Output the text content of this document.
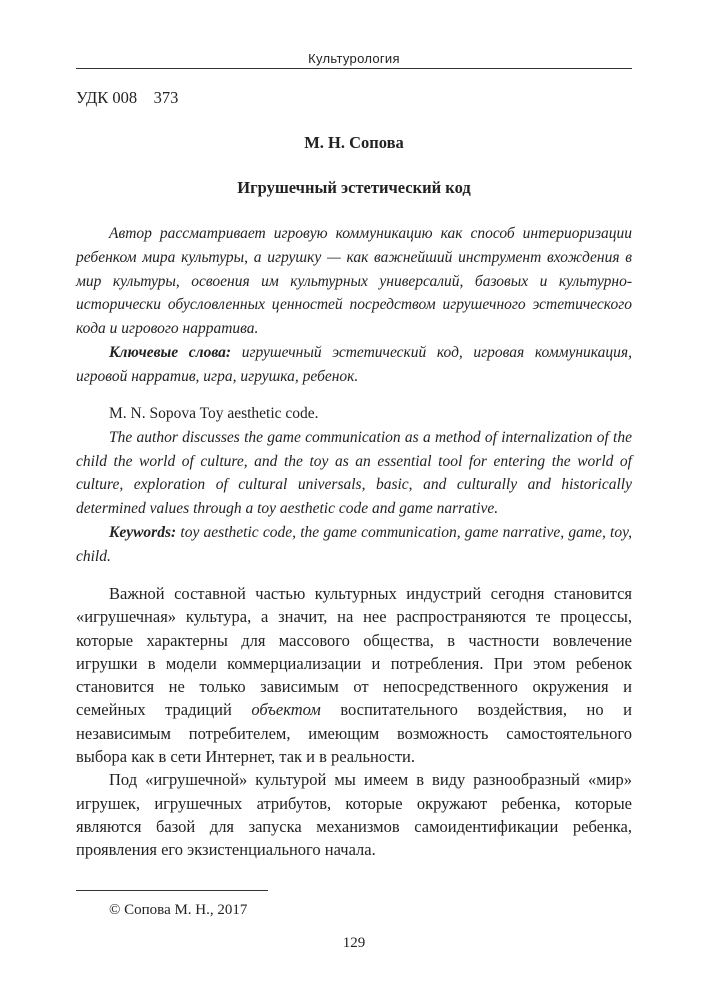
Культурология
УДК 008    373
М. Н. Сопова
Игрушечный эстетический код

Автор рассматривает игровую коммуникацию как способ интериоризации ребенком мира культуры, а игрушку — как важнейший инструмент вхождения в мир культуры, освоения им культурных универсалий, базовых и культурно-исторически обусловленных ценностей посредством игрушечного эстетического кода и игрового нарратива.

Ключевые слова: игрушечный эстетический код, игровая коммуникация, игровой нарратив, игра, игрушка, ребенок.

M. N. Sopova Toy aesthetic code.

The author discusses the game communication as a method of internalization of the child the world of culture, and the toy as an essential tool for entering the world of culture, exploration of cultural universals, basic, and culturally and historically determined values through a toy aesthetic code and game narrative.

Keywords: toy aesthetic code, the game communication, game narrative, game, toy, child.

Важной составной частью культурных индустрий сегодня становится «игрушечная» культура, а значит, на нее распространяются те процессы, которые характерны для массового общества, в частности вовлечение игрушки в модели коммерциализации и потребления. При этом ребенок становится не только зависимым от непосредственного окружения и семейных традиций объектом воспитательного воздействия, но и независимым потребителем, имеющим возможность самостоятельного выбора как в сети Интернет, так и в реальности.

Под «игрушечной» культурой мы имеем в виду разнообразный «мир» игрушек, игрушечных атрибутов, которые окружают ребенка, которые являются базой для запуска механизмов самоидентификации ребенка, проявления его экзистенциального начала.

© Сопова М. Н., 2017
129
